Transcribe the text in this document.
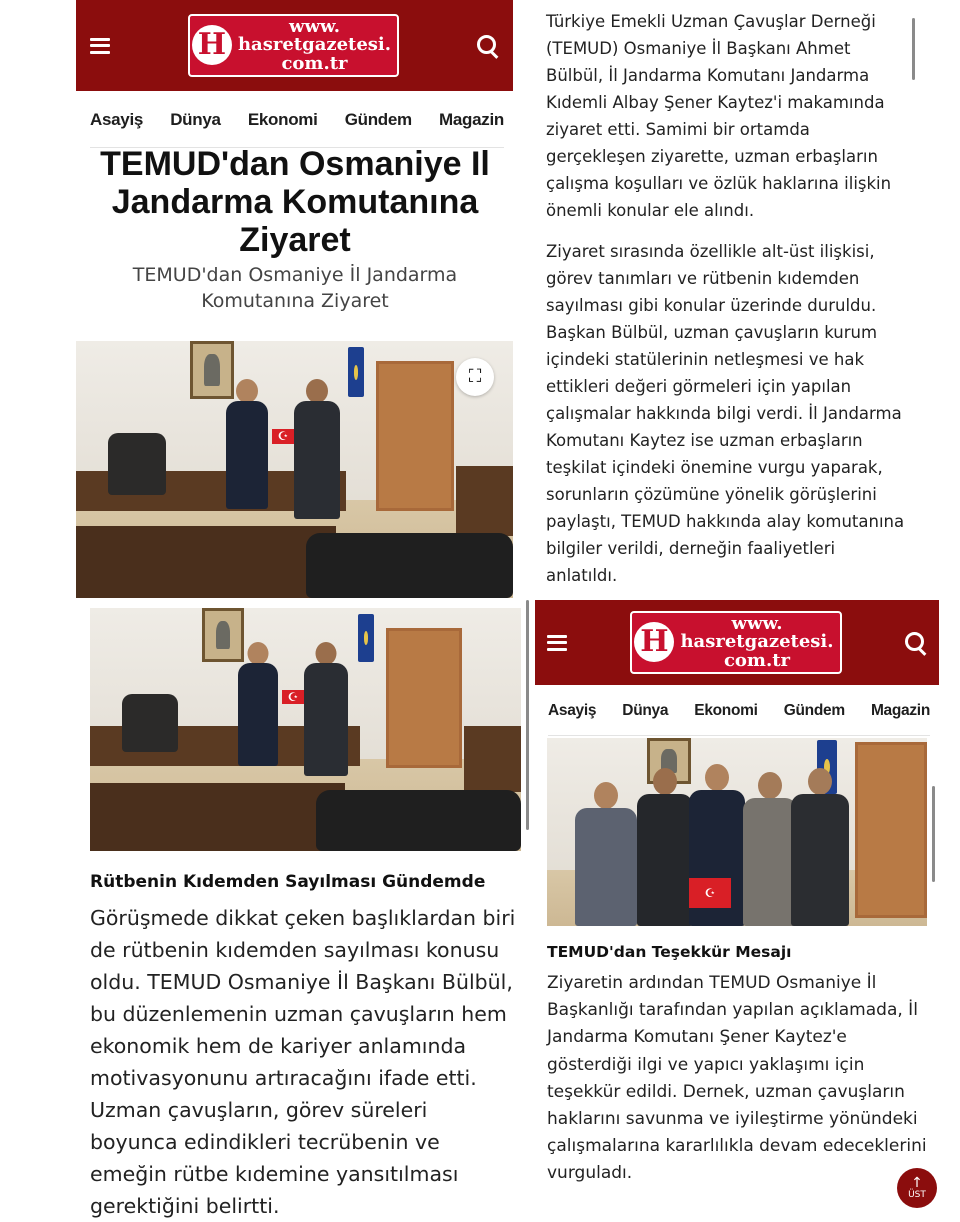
H
www.
hasretgazetesi.
com.tr
Asayiş Dünya Ekonomi Gündem Magazin
TEMUD'dan Osmaniye Il Jandarma Komutanına Ziyaret
TEMUD'dan Osmaniye İl Jandarma Komutanına Ziyaret
☪
⛶
☪
Rütbenin Kıdemden Sayılması Gündemde
Görüşmede dikkat çeken başlıklardan biri de rütbenin kıdemden sayılması konusu oldu. TEMUD Osmaniye İl Başkanı Bülbül, bu düzenlemenin uzman çavuşların hem ekonomik hem de kariyer anlamında motivasyonunu artıracağını ifade etti. Uzman çavuşların, görev süreleri boyunca edindikleri tecrübenin ve emeğin rütbe kıdemine yansıtılması gerektiğini belirtti.
Türkiye Emekli Uzman Çavuşlar Derneği (TEMUD) Osmaniye İl Başkanı Ahmet Bülbül, İl Jandarma Komutanı Jandarma Kıdemli Albay Şener Kaytez'i makamında ziyaret etti. Samimi bir ortamda gerçekleşen ziyarette, uzman erbaşların çalışma koşulları ve özlük haklarına ilişkin önemli konular ele alındı.
Ziyaret sırasında özellikle alt-üst ilişkisi, görev tanımları ve rütbenin kıdemden sayılması gibi konular üzerinde duruldu. Başkan Bülbül, uzman çavuşların kurum içindeki statülerinin netleşmesi ve hak ettikleri değeri görmeleri için yapılan çalışmalar hakkında bilgi verdi. İl Jandarma Komutanı Kaytez ise uzman erbaşların teşkilat içindeki önemine vurgu yaparak, sorunların çözümüne yönelik görüşlerini paylaştı, TEMUD hakkında alay komutanına bilgiler verildi, derneğin faaliyetleri anlatıldı.
H
www.
hasretgazetesi.
com.tr
Asayiş Dünya Ekonomi Gündem Magazin
☪
TEMUD'dan Teşekkür Mesajı
Ziyaretin ardından TEMUD Osmaniye İl Başkanlığı tarafından yapılan açıklamada, İl Jandarma Komutanı Şener Kaytez'e gösterdiği ilgi ve yapıcı yaklaşımı için teşekkür edildi. Dernek, uzman çavuşların haklarını savunma ve iyileştirme yönündeki çalışmalarına kararlılıkla devam edeceklerini vurguladı.	↑
ÜST
